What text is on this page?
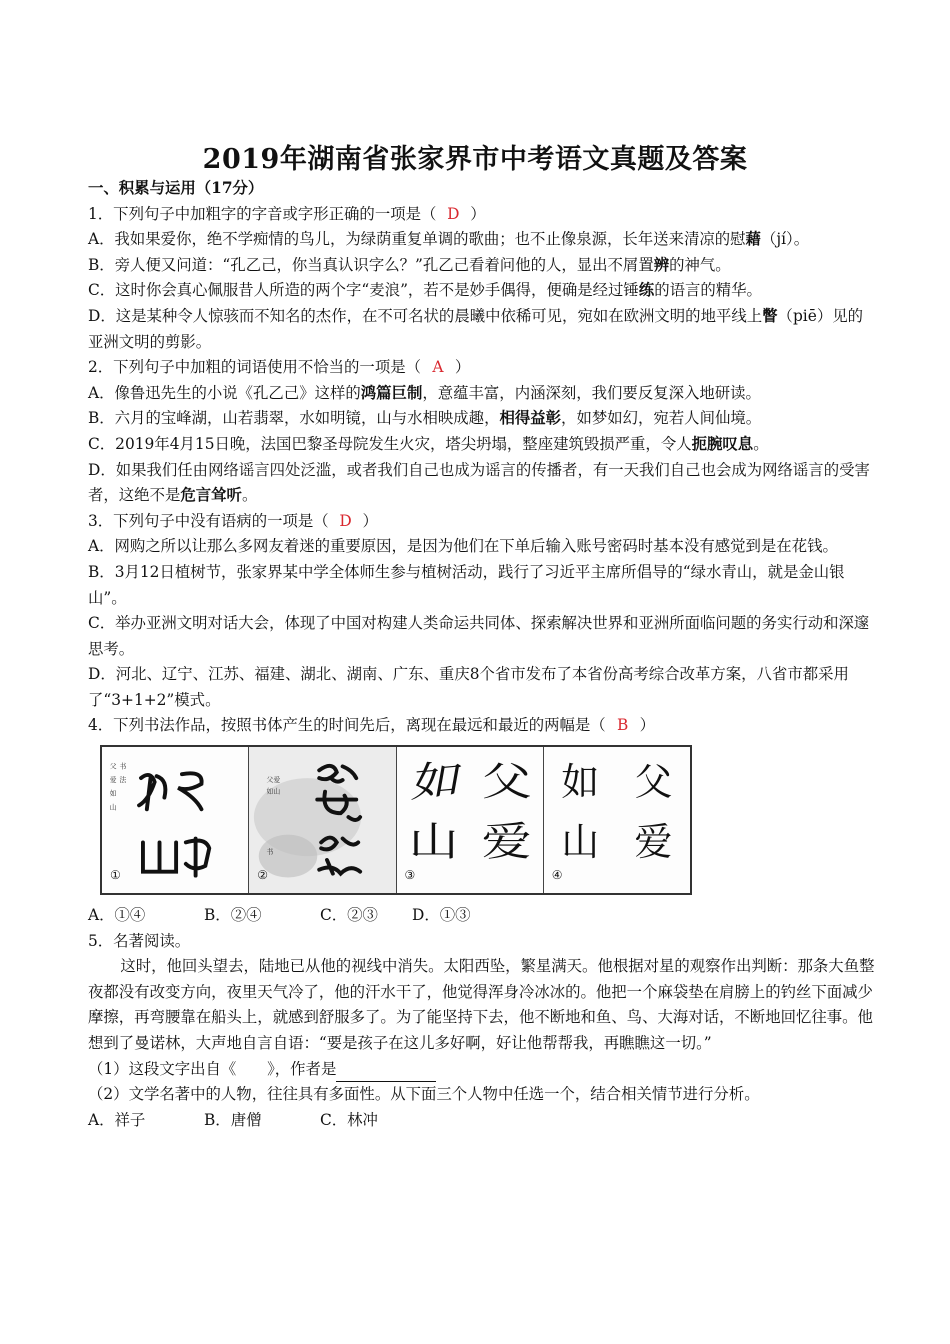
2019年湖南省张家界市中考语文真题及答案

一、积累与运用（17分）

1．下列句子中加粗字的字音或字形正确的一项是（ D ）

A．我如果爱你，绝不学痴情的鸟儿，为绿荫重复单调的歌曲；也不止像泉源，长年送来清凉的慰藉（jí）。

B．旁人便又问道：“孔乙己，你当真认识字么？”孔乙己看着问他的人，显出不屑置辨的神气。

C．这时你会真心佩服昔人所造的两个字“麦浪”，若不是妙手偶得，便确是经过锤练的语言的精华。

D．这是某种令人惊骇而不知名的杰作，在不可名状的晨曦中依稀可见，宛如在欧洲文明的地平线上瞥（piē）见的亚洲文明的剪影。

2．下列句子中加粗的词语使用不恰当的一项是（ A ）

A．像鲁迅先生的小说《孔乙己》这样的鸿篇巨制，意蕴丰富，内涵深刻，我们要反复深入地研读。

B．六月的宝峰湖，山若翡翠，水如明镜，山与水相映成趣，相得益彰，如梦如幻，宛若人间仙境。

C．2019年4月15日晚，法国巴黎圣母院发生火灾，塔尖坍塌，整座建筑毁损严重，令人扼腕叹息。

D．如果我们任由网络谣言四处泛滥，或者我们自己也成为谣言的传播者，有一天我们自己也会成为网络谣言的受害者，这绝不是危言耸听。

3．下列句子中没有语病的一项是（ D ）

A．网购之所以让那么多网友着迷的重要原因，是因为他们在下单后输入账号密码时基本没有感觉到是在花钱。

B．3月12日植树节，张家界某中学全体师生参与植树活动，践行了习近平主席所倡导的“绿水青山，就是金山银山”。

C．举办亚洲文明对话大会，体现了中国对构建人类命运共同体、探索解决世界和亚洲所面临问题的务实行动和深邃思考。

D．河北、辽宁、江苏、福建、湖北、湖南、广东、重庆8个省市发布了本省份高考综合改革方案，八省市都采用了“3+1+2”模式。

4．下列书法作品，按照书体产生的时间先后，离现在最远和最近的两幅是（ B ）

父
爱
如
山
书
法
①
父爱
如山
书
②
如 父
山 爱
③
如 父
山 爱
④

A．①④	B．②④	C．②③ D．①③

5．名著阅读。

这时，他回头望去，陆地已从他的视线中消失。太阳西坠，繁星满天。他根据对星的观察作出判断：那条大鱼整夜都没有改变方向，夜里天气冷了，他的汗水干了，他觉得浑身冷冰冰的。他把一个麻袋垫在肩膀上的钓丝下面减少摩擦，再弯腰靠在船头上，就感到舒服多了。为了能坚持下去，他不断地和鱼、鸟、大海对话，不断地回忆往事。他想到了曼诺林，大声地自言自语：“要是孩子在这儿多好啊，好让他帮帮我，再瞧瞧这一切。”

（1）这段文字出自《　　》，作者是

（2）文学名著中的人物，往往具有多面性。从下面三个人物中任选一个，结合相关情节进行分析。

A．祥子	B．唐僧	C．林冲
